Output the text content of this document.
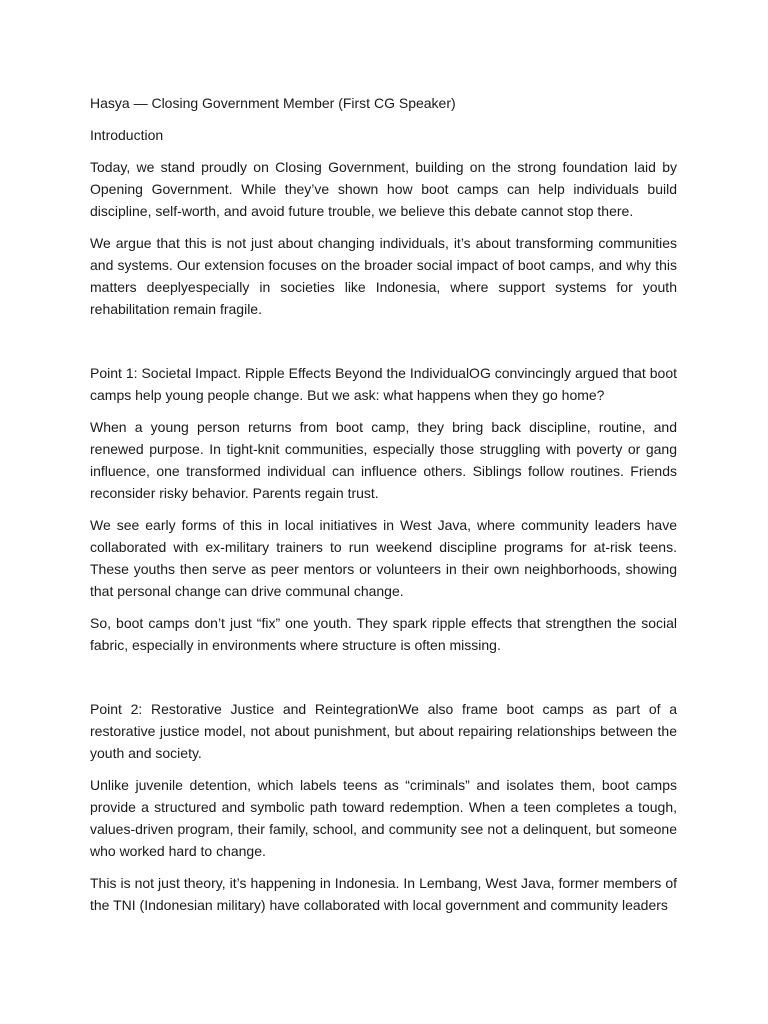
Hasya — Closing Government Member (First CG Speaker)

Introduction

Today, we stand proudly on Closing Government, building on the strong foundation laid by Opening Government. While they’ve shown how boot camps can help individuals build discipline, self-worth, and avoid future trouble, we believe this debate cannot stop there.

We argue that this is not just about changing individuals, it’s about transforming communities and systems. Our extension focuses on the broader social impact of boot camps, and why this matters deeplyespecially in societies like Indonesia, where support systems for youth rehabilitation remain fragile.

Point 1: Societal Impact. Ripple Effects Beyond the IndividualOG convincingly argued that boot camps help young people change. But we ask: what happens when they go home?

When a young person returns from boot camp, they bring back discipline, routine, and renewed purpose. In tight-knit communities, especially those struggling with poverty or gang influence, one transformed individual can influence others. Siblings follow routines. Friends reconsider risky behavior. Parents regain trust.

We see early forms of this in local initiatives in West Java, where community leaders have collaborated with ex-military trainers to run weekend discipline programs for at-risk teens. These youths then serve as peer mentors or volunteers in their own neighborhoods, showing that personal change can drive communal change.

So, boot camps don’t just “fix” one youth. They spark ripple effects that strengthen the social fabric, especially in environments where structure is often missing.

Point 2: Restorative Justice and ReintegrationWe also frame boot camps as part of a restorative justice model, not about punishment, but about repairing relationships between the youth and society.

Unlike juvenile detention, which labels teens as “criminals” and isolates them, boot camps provide a structured and symbolic path toward redemption. When a teen completes a tough, values-driven program, their family, school, and community see not a delinquent, but someone who worked hard to change.

This is not just theory, it’s happening in Indonesia. In Lembang, West Java, former members of the TNI (Indonesian military) have collaborated with local government and community leaders
